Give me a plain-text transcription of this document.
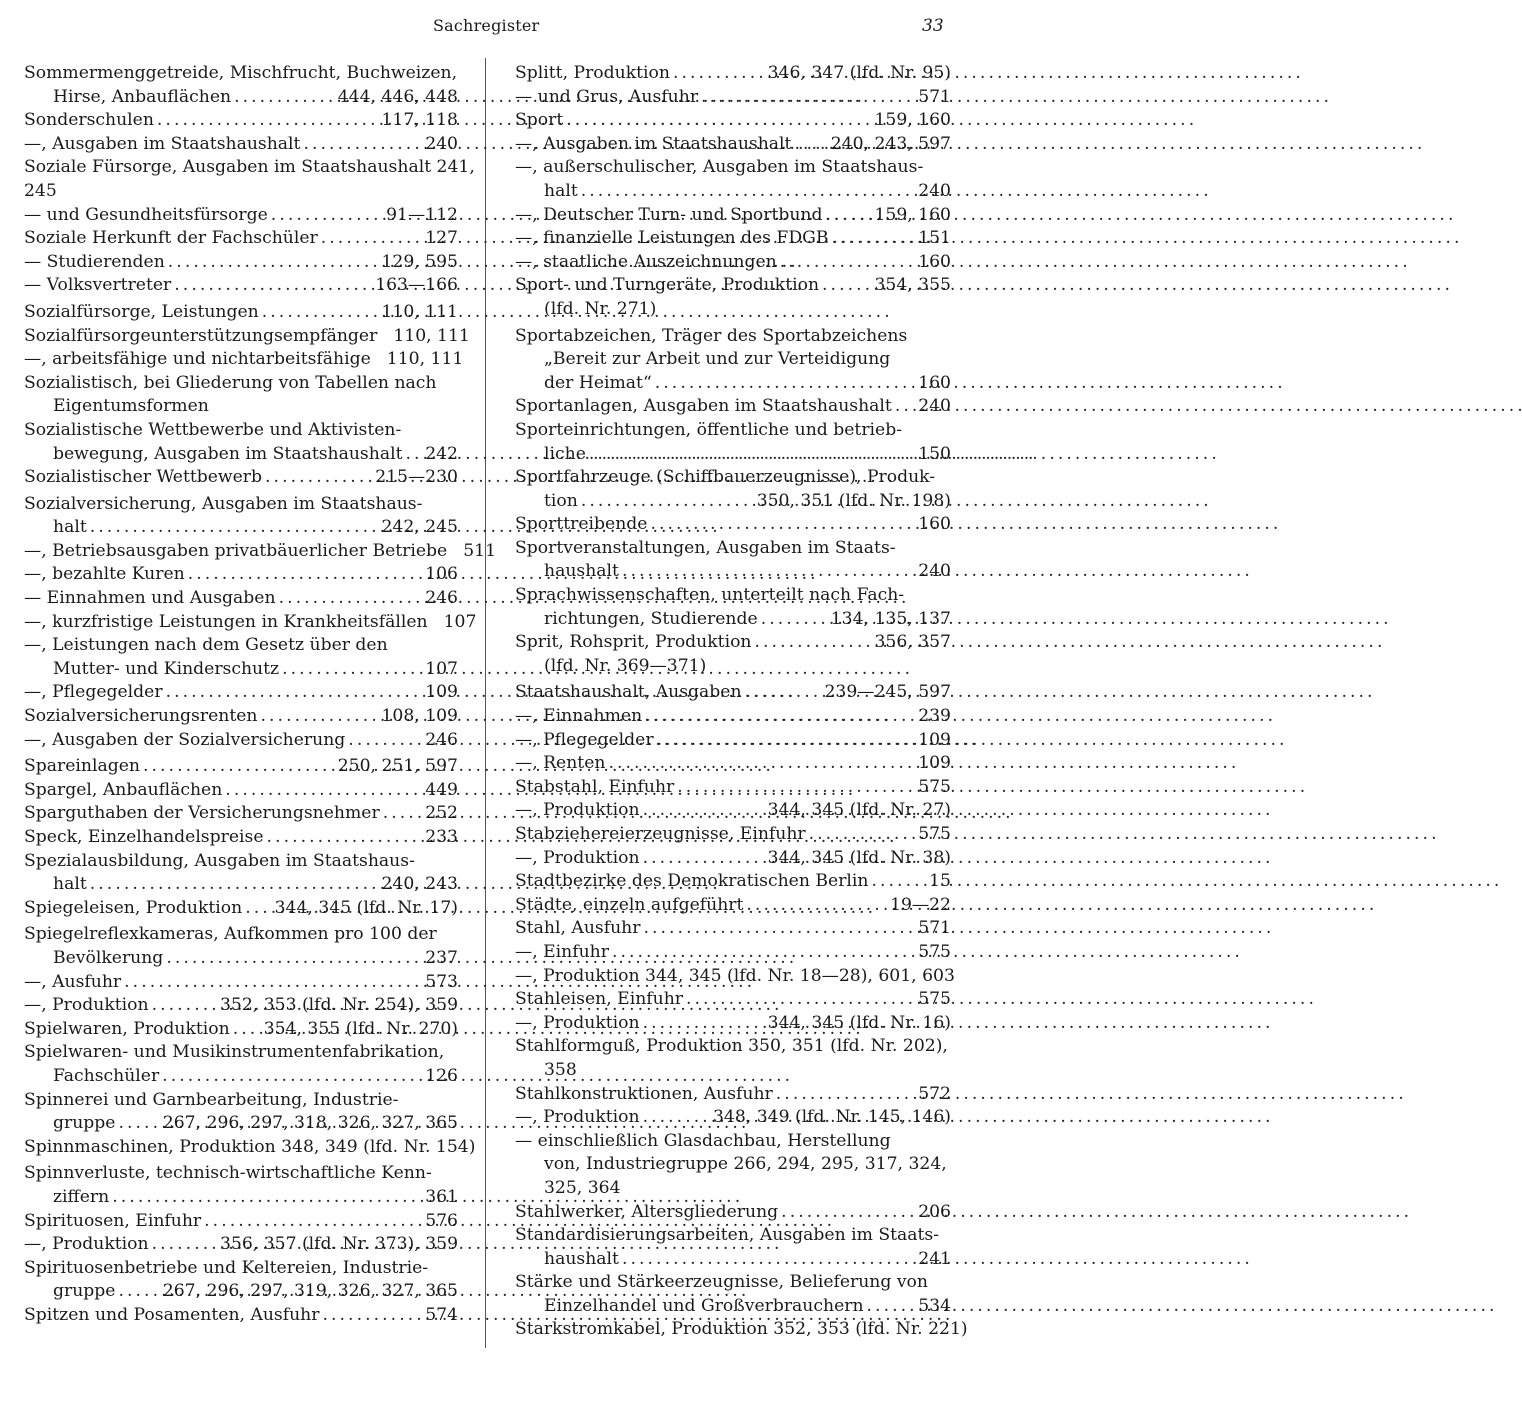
Sachregister	33
Sommermenggetreide, Mischfrucht, Buchweizen,
Hirse, Anbauflächen . . .	444, 446, 448
Sonderschulen . . .	117, 118
—, Ausgaben im Staatshaushalt . . .	240
Soziale Fürsorge, Ausgaben im Staatshaushalt 241,
245
— und Gesundheitsfürsorge . . .	91—112
Soziale Herkunft der Fachschüler . . .	127
— Studierenden . . .	129, 595
— Volksvertreter . . .	163—166
Sozialfürsorge, Leistungen . . .	110, 111
Sozialfürsorgeunterstützungsempfänger 110, 111
—, arbeitsfähige und nichtarbeitsfähige 110, 111
Sozialistisch, bei Gliederung von Tabellen nach
Eigentumsformen
Sozialistische Wettbewerbe und Aktivisten-
bewegung, Ausgaben im Staatshaushalt . . . 242
Sozialistischer Wettbewerb . . .	215—230
Sozialversicherung, Ausgaben im Staatshaus-
halt . . .	242, 245
—, Betriebsausgaben privatbäuerlicher Betriebe 511
—, bezahlte Kuren . . .	106
— Einnahmen und Ausgaben . . .	246
—, kurzfristige Leistungen in Krankheitsfällen 107
—, Leistungen nach dem Gesetz über den
Mutter- und Kinderschutz . . .	107
—, Pflegegelder . . .	109
Sozialversicherungsrenten . . .	108, 109
—, Ausgaben der Sozialversicherung . . .	246
Spareinlagen . . .	250, 251, 597
Spargel, Anbauflächen . . .	449
Sparguthaben der Versicherungsnehmer . . .	252
Speck, Einzelhandelspreise . . .	233
Spezialausbildung, Ausgaben im Staatshaus-
halt . . .	240, 243
Spiegeleisen, Produktion . . . 344, 345 (lfd. Nr. 17)
Spiegelreflexkameras, Aufkommen pro 100 der
Bevölkerung . . .	237
—, Ausfuhr . . .	573
—, Produktion . . .	352, 353 (lfd. Nr. 254), 359
Spielwaren, Produktion . . . 354, 355 (lfd. Nr. 270)
Spielwaren- und Musikinstrumentenfabrikation,
Fachschüler . . .	126
Spinnerei und Garnbearbeitung, Industrie-
gruppe . . .	267, 296, 297, 318, 326, 327, 365
Spinnmaschinen, Produktion 348, 349 (lfd. Nr. 154)
Spinnverluste, technisch-wirtschaftliche Kenn-
ziffern . . .	361
Spirituosen, Einfuhr . . .	576
—, Produktion . . .	356, 357 (lfd. Nr. 373), 359
Spirituosenbetriebe und Keltereien, Industrie-
gruppe . . .	267, 296, 297, 319, 326, 327, 365
Spitzen und Posamenten, Ausfuhr . . .	574
Splitt, Produktion . . .	346, 347 (lfd. Nr. 95)
— und Grus, Ausfuhr . . .	571
Sport . . .	159, 160
—, Ausgaben im Staatshaushalt . . . 240, 243, 597
—, außerschulischer, Ausgaben im Staatshaus-
halt . . .	240
—, Deutscher Turn- und Sportbund . . .	159, 160
—, finanzielle Leistungen des FDGB . . .	151
—, staatliche Auszeichnungen . . .	160
Sport- und Turngeräte, Produktion . . .	354, 355
(lfd. Nr. 271)
Sportabzeichen, Träger des Sportabzeichens
„Bereit zur Arbeit und zur Verteidigung
der Heimat“ . . .	160
Sportanlagen, Ausgaben im Staatshaushalt . . . 240
Sporteinrichtungen, öffentliche und betrieb-
liche . . .	150
Sportfahrzeuge (Schiffbauerzeugnisse), Produk-
tion . . .	350, 351 (lfd. Nr. 198)
Sporttreibende . . .	160
Sportveranstaltungen, Ausgaben im Staats-
haushalt . . .	240
Sprachwissenschaften, unterteilt nach Fach-
richtungen, Studierende . . .	134, 135, 137
Sprit, Rohsprit, Produktion . . .	356, 357
(lfd. Nr. 369—371)
Staatshaushalt, Ausgaben . . .	239—245, 597
—, Einnahmen . . .	239
—, Pflegegelder . . .	109
—, Renten . . .	109
Stabstahl, Einfuhr . . .	575
—, Produktion . . .	344, 345 (lfd. Nr. 27)
Stabziehereierzeugnisse, Einfuhr . . .	575
—, Produktion . . .	344, 345 (lfd. Nr. 38)
Stadtbezirke des Demokratischen Berlin . . .	15
Städte, einzeln aufgeführt . . .	19—22
Stahl, Ausfuhr . . .	571
—, Einfuhr . . .	575
—, Produktion 344, 345 (lfd. Nr. 18—28), 601, 603
Stahleisen, Einfuhr . . .	575
—, Produktion . . .	344, 345 (lfd. Nr. 16)
Stahlformguß, Produktion 350, 351 (lfd. Nr. 202),
358
Stahlkonstruktionen, Ausfuhr . . .	572
—, Produktion . . .	348, 349 (lfd. Nr. 145, 146)
— einschließlich Glasdachbau, Herstellung
von, Industriegruppe 266, 294, 295, 317, 324,
325, 364
Stahlwerker, Altersgliederung . . .	206
Standardisierungsarbeiten, Ausgaben im Staats-
haushalt . . .	241
Stärke und Stärkeerzeugnisse, Belieferung von
Einzelhandel und Großverbrauchern . . .	534
Starkstromkabel, Produktion 352, 353 (lfd. Nr. 221)
